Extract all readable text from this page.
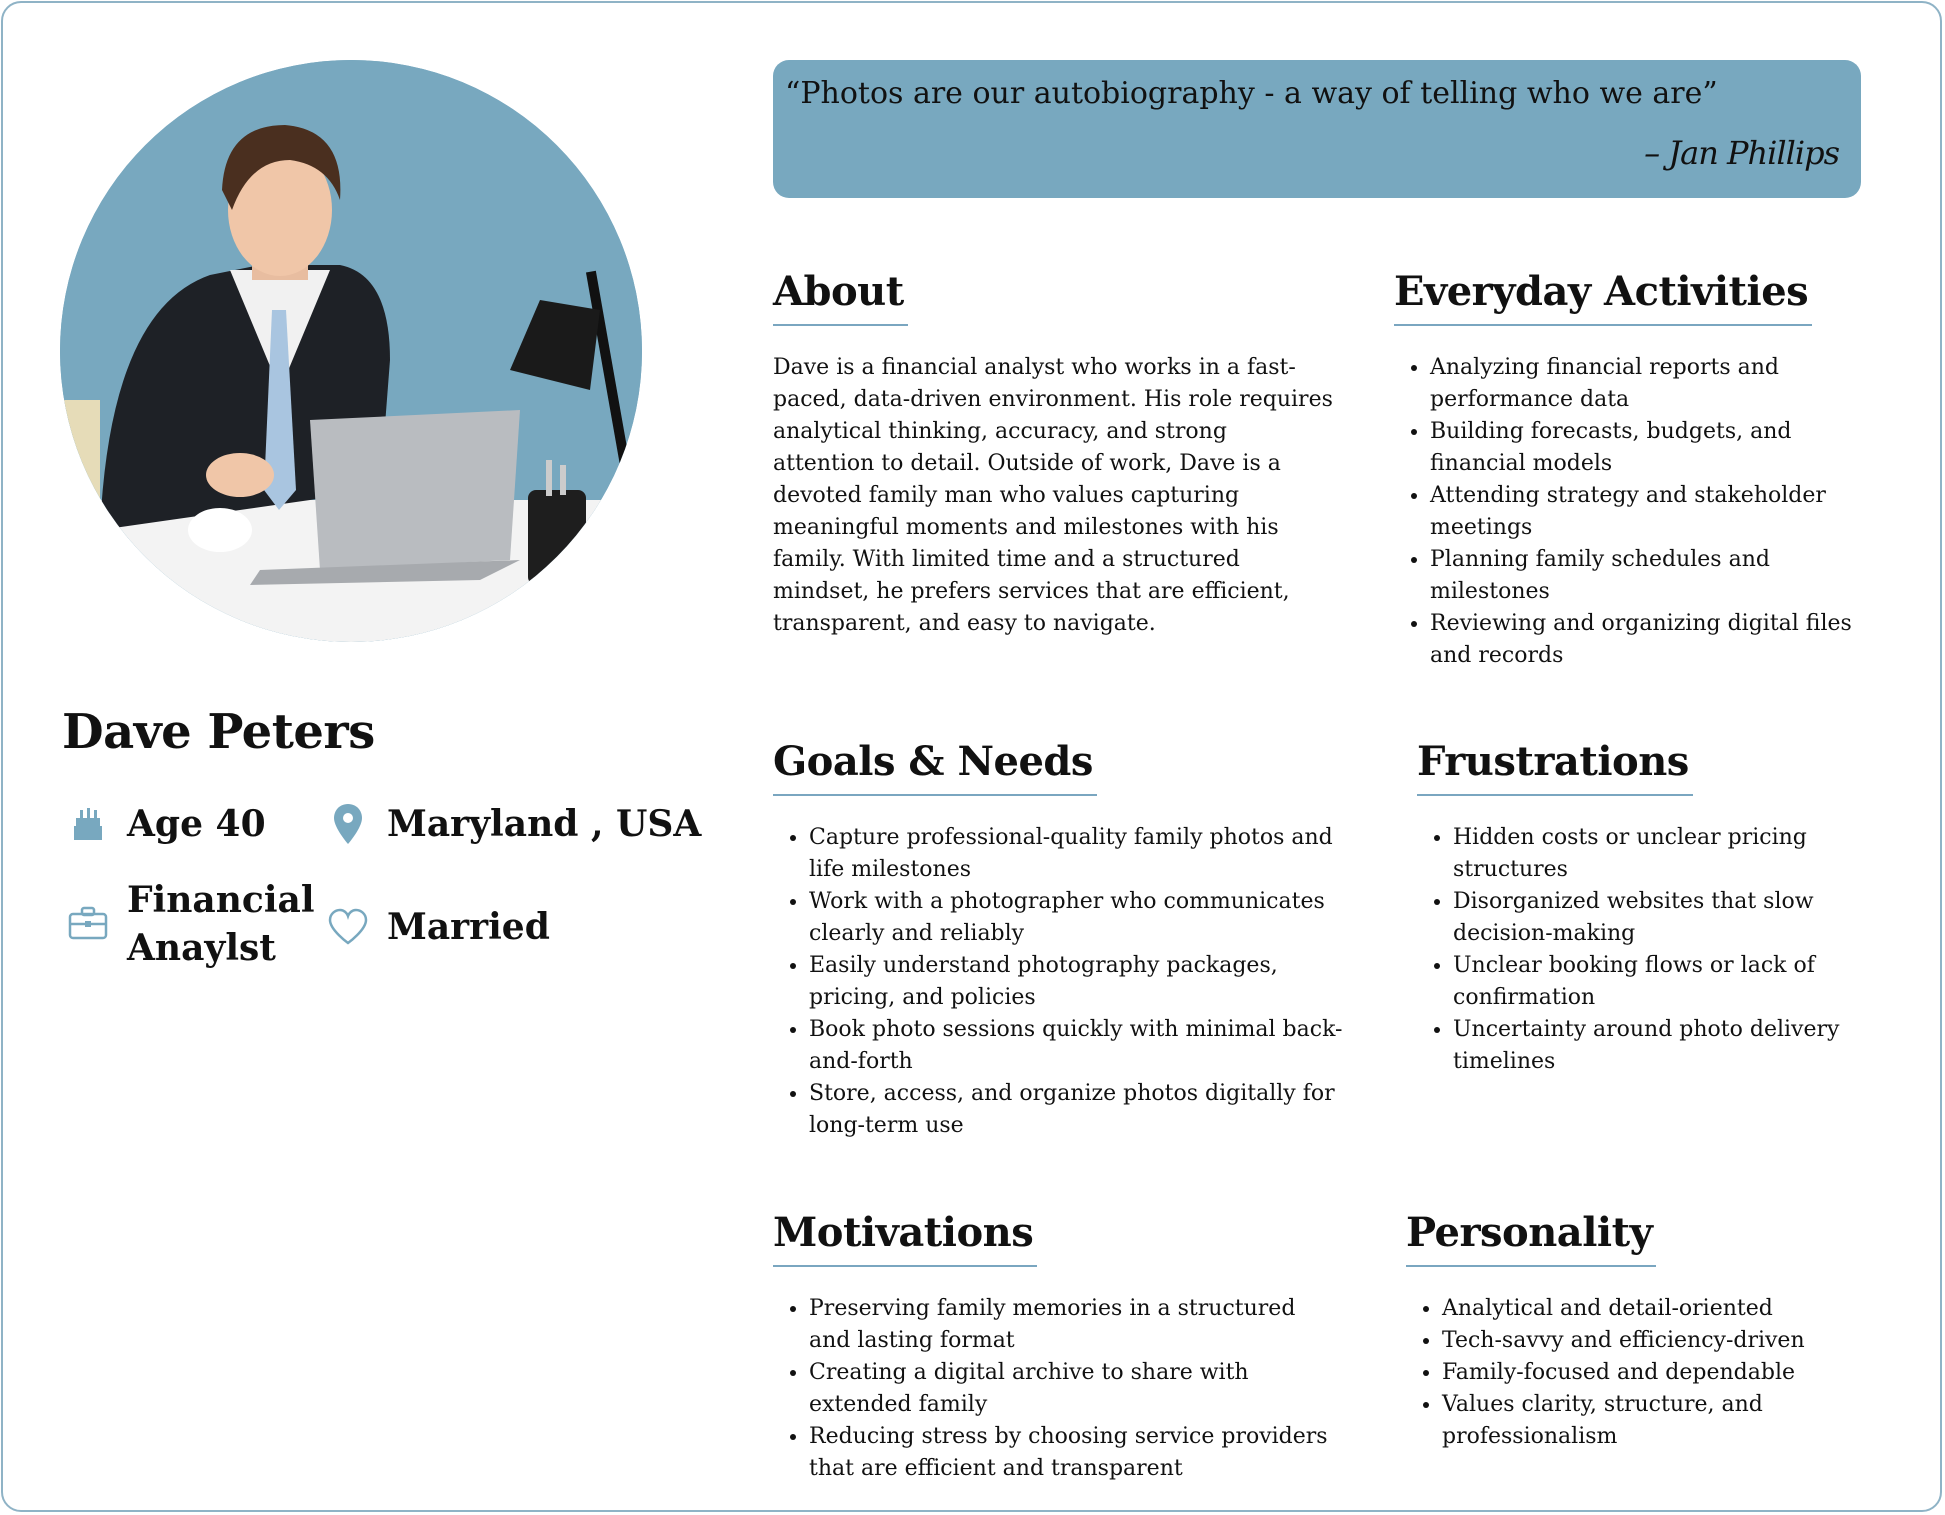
Dave Peters
Age 40	Maryland , USA
Financial Anaylst	Married
“Photos are our autobiography - a way of telling who we are”
– Jan Phillips
About

Dave is a financial analyst who works in a fast-paced, data-driven environment. His role requires analytical thinking, accuracy, and strong attention to detail. Outside of work, Dave is a devoted family man who values capturing meaningful moments and milestones with his family. With limited time and a structured mindset, he prefers services that are efficient, transparent, and easy to navigate.

Everyday Activities
• Analyzing financial reports and performance data
• Building forecasts, budgets, and financial models
• Attending strategy and stakeholder meetings
• Planning family schedules and milestones
• Reviewing and organizing digital files and records
Goals & Needs
• Capture professional-quality family photos and life milestones
• Work with a photographer who communicates clearly and reliably
• Easily understand photography packages, pricing, and policies
• Book photo sessions quickly with minimal back-and-forth
• Store, access, and organize photos digitally for long-term use
Frustrations
• Hidden costs or unclear pricing structures
• Disorganized websites that slow decision-making
• Unclear booking flows or lack of confirmation
• Uncertainty around photo delivery timelines
Motivations
• Preserving family memories in a structured and lasting format
• Creating a digital archive to share with extended family
• Reducing stress by choosing service providers that are efficient and transparent
Personality
• Analytical and detail-oriented
• Tech-savvy and efficiency-driven
• Family-focused and dependable
• Values clarity, structure, and professionalism
